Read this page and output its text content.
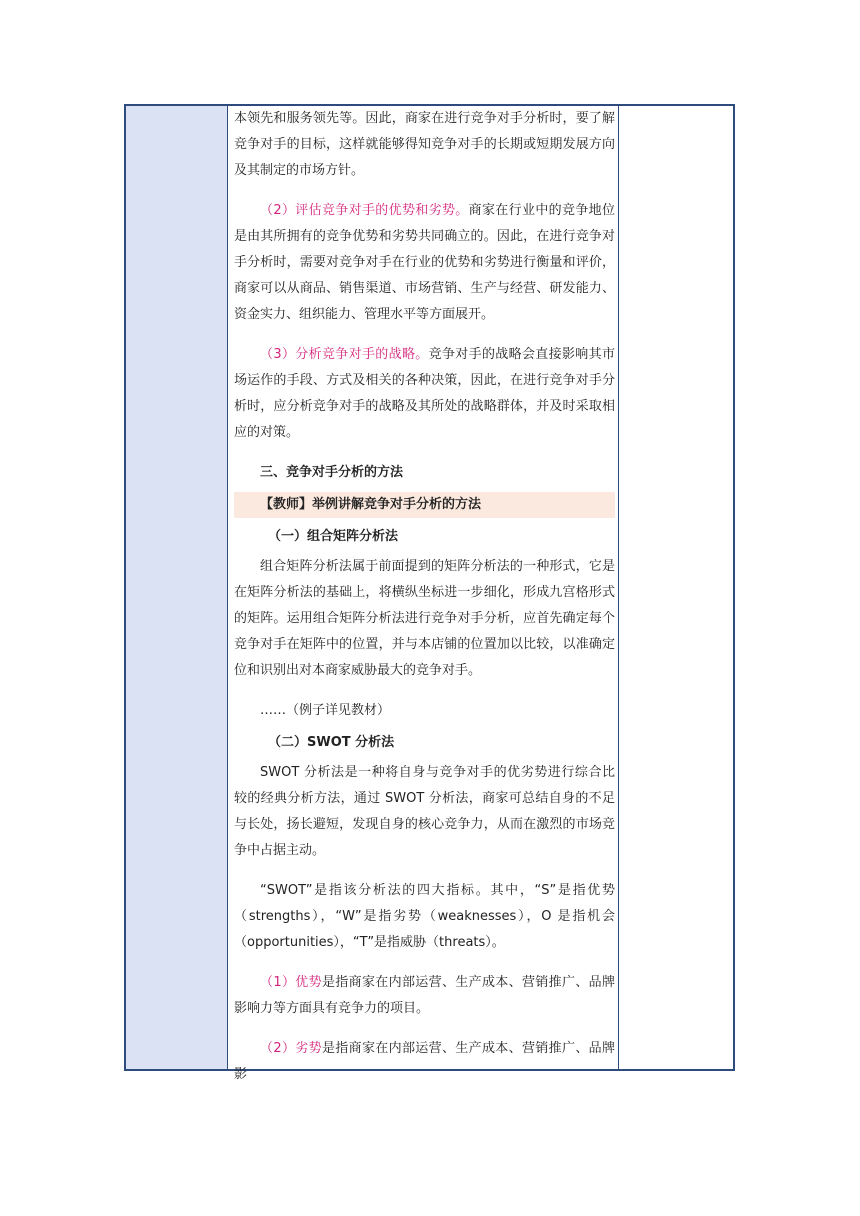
本领先和服务领先等。因此，商家在进行竞争对手分析时，要了解竞争对手的目标，这样就能够得知竞争对手的长期或短期发展方向及其制定的市场方针。

（2）评估竞争对手的优势和劣势。商家在行业中的竞争地位是由其所拥有的竞争优势和劣势共同确立的。因此，在进行竞争对手分析时，需要对竞争对手在行业的优势和劣势进行衡量和评价，商家可以从商品、销售渠道、市场营销、生产与经营、研发能力、资金实力、组织能力、管理水平等方面展开。

（3）分析竞争对手的战略。竞争对手的战略会直接影响其市场运作的手段、方式及相关的各种决策，因此，在进行竞争对手分析时，应分析竞争对手的战略及其所处的战略群体，并及时采取相应的对策。

三、竞争对手分析的方法

【教师】举例讲解竞争对手分析的方法

（一）组合矩阵分析法

组合矩阵分析法属于前面提到的矩阵分析法的一种形式，它是在矩阵分析法的基础上，将横纵坐标进一步细化，形成九宫格形式的矩阵。运用组合矩阵分析法进行竞争对手分析，应首先确定每个竞争对手在矩阵中的位置，并与本店铺的位置加以比较，以准确定位和识别出对本商家威胁最大的竞争对手。

……（例子详见教材）

（二）SWOT 分析法

SWOT 分析法是一种将自身与竞争对手的优劣势进行综合比较的经典分析方法，通过 SWOT 分析法，商家可总结自身的不足与长处，扬长避短，发现自身的核心竞争力，从而在激烈的市场竞争中占据主动。

“SWOT”是指该分析法的四大指标。其中，“S”是指优势（strengths），“W”是指劣势（weaknesses），O 是指机会（opportunities），“T”是指威胁（threats）。

（1）优势是指商家在内部运营、生产成本、营销推广、品牌影响力等方面具有竞争力的项目。

（2）劣势是指商家在内部运营、生产成本、营销推广、品牌影
